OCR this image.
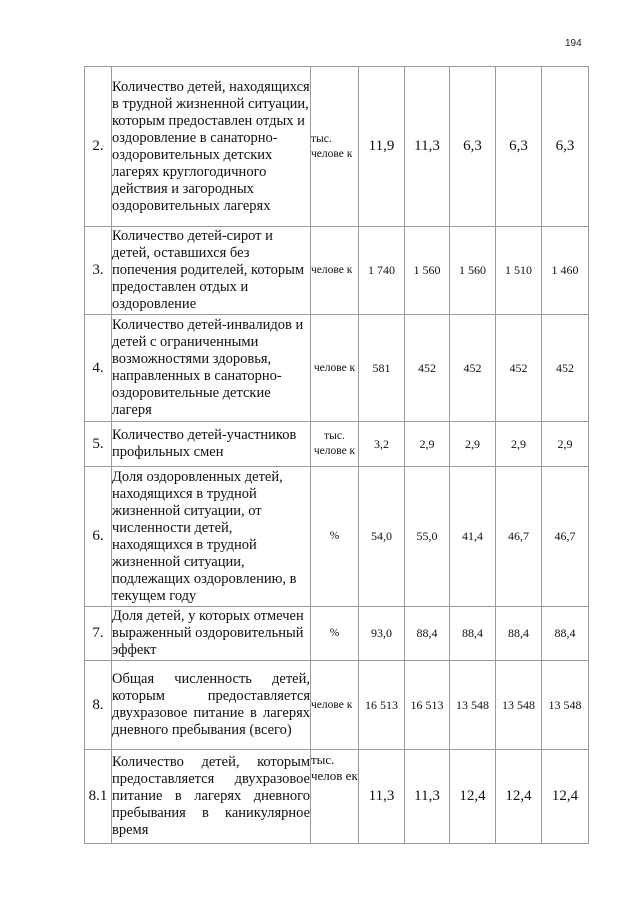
194
2.	Количество детей, находящихся в трудной жизненной ситуации, которым предоставлен отдых и оздоровление в санаторно-оздоровительных детских лагерях круглогодичного действия и загородных оздоровительных лагерях	тыс. челове к	11,9	11,3	6,3	6,3	6,3
3.	Количество детей-сирот и детей, оставшихся без попечения родителей, которым предоставлен отдых и оздоровление	челове к	1 740	1 560	1 560	1 510	1 460
4.	Количество детей-инвалидов и детей с ограниченными возможностями здоровья, направленных в санаторно-оздоровительные детские лагеря	челове к	581	452	452	452	452
5.	Количество детей-участников профильных смен	тыс. челове к	3,2	2,9	2,9	2,9	2,9
6.	Доля оздоровленных детей, находящихся в трудной жизненной ситуации, от численности детей, находящихся в трудной жизненной ситуации, подлежащих оздоровлению, в текущем году	%	54,0	55,0	41,4	46,7	46,7
7.	Доля детей, у которых отмечен выраженный оздоровительный эффект	%	93,0	88,4	88,4	88,4	88,4
8.	Общая численность детей, которым предоставляется двухразовое питание в лагерях дневного пребывания (всего)	челове к	16 513	16 513	13 548	13 548	13 548
8.1	Количество детей, которым предоставляется двухразовое питание в лагерях дневного пребывания в каникулярное время	тыс. челов ек	11,3	11,3	12,4	12,4	12,4
